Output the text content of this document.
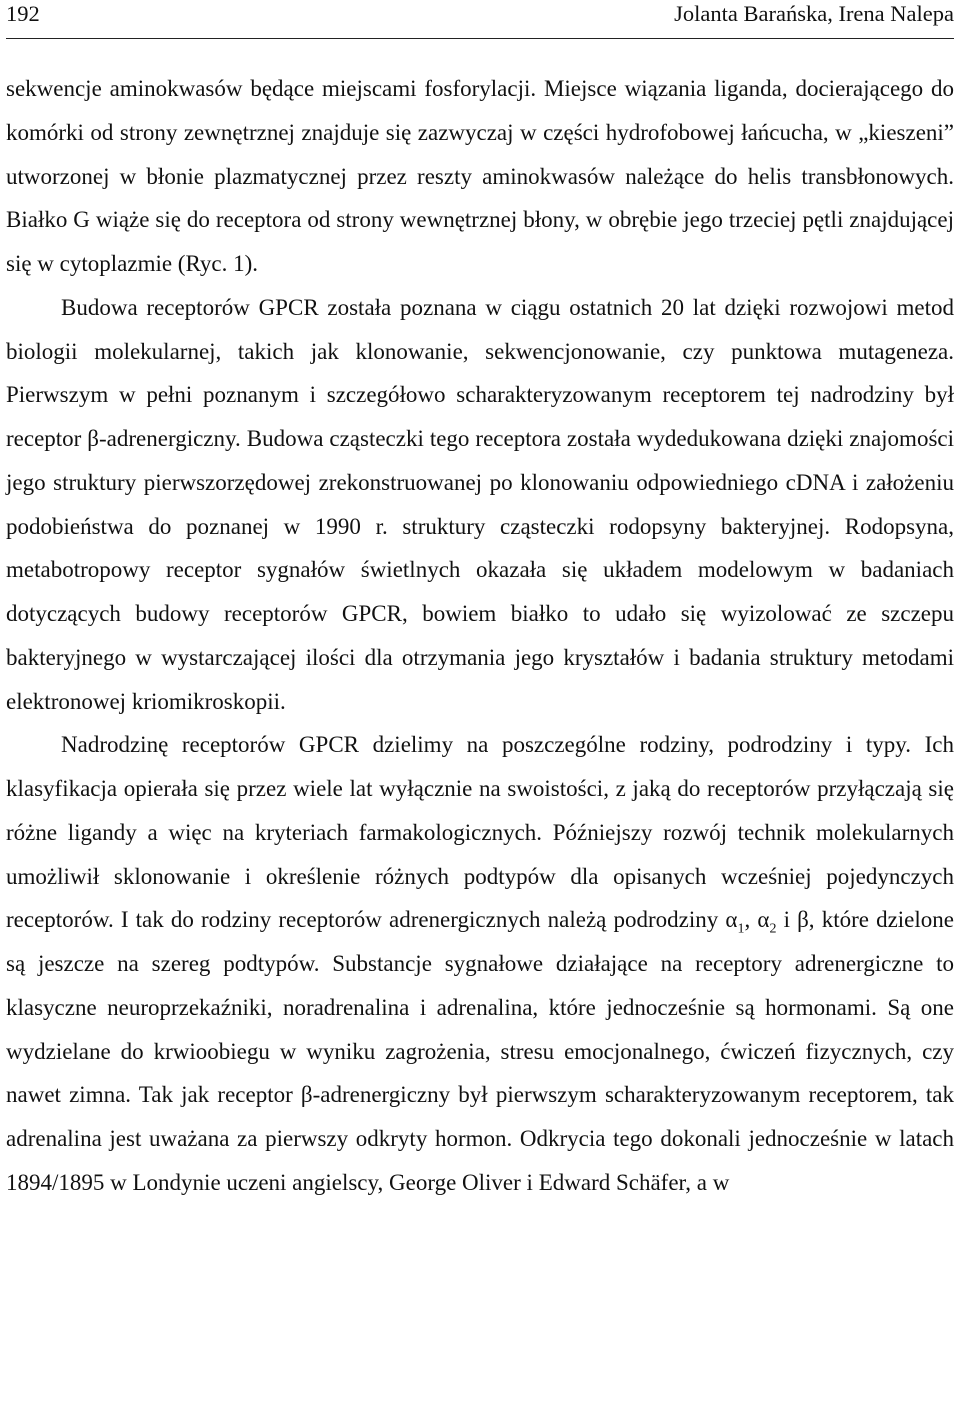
192	Jolanta Barańska, Irena Nalepa

sekwencje aminokwasów będące miejscami fosforylacji. Miejsce wiązania liganda, docierającego do komórki od strony zewnętrznej znajduje się zazwyczaj w części hydrofobowej łańcucha, w „kieszeni” utworzonej w błonie plazmatycznej przez reszty aminokwasów należące do helis transbłonowych. Białko G wiąże się do receptora od strony wewnętrznej błony, w obrębie jego trzeciej pętli znajdującej się w cytoplazmie (Ryc. 1).

Budowa receptorów GPCR została poznana w ciągu ostatnich 20 lat dzięki rozwojowi metod biologii molekularnej, takich jak klonowanie, sekwencjonowanie, czy punktowa mutageneza. Pierwszym w pełni poznanym i szczegółowo scharakteryzowanym receptorem tej nadrodziny był receptor β-adrenergiczny. Budowa cząsteczki tego receptora została wydedukowana dzięki znajomości jego struktury pierwszorzędowej zrekonstruowanej po klonowaniu odpowiedniego cDNA i założeniu podobieństwa do poznanej w 1990 r. struktury cząsteczki rodopsyny bakteryjnej. Rodopsyna, metabotropowy receptor sygnałów świetlnych okazała się układem modelowym w badaniach dotyczących budowy receptorów GPCR, bowiem białko to udało się wyizolować ze szczepu bakteryjnego w wystarczającej ilości dla otrzymania jego kryształów i badania struktury metodami elektronowej kriomikroskopii.

Nadrodzinę receptorów GPCR dzielimy na poszczególne rodziny, podrodziny i typy. Ich klasyfikacja opierała się przez wiele lat wyłącznie na swoistości, z jaką do receptorów przyłączają się różne ligandy a więc na kryteriach farmakologicznych. Późniejszy rozwój technik molekularnych umożliwił sklonowanie i określenie różnych podtypów dla opisanych wcześniej pojedynczych receptorów. I tak do rodziny receptorów adrenergicznych należą podrodziny $\alpha_1$, $\alpha_2$ i β, które dzielone są jeszcze na szereg podtypów. Substancje sygnałowe działające na receptory adrenergiczne to klasyczne neuroprzekaźniki, noradrenalina i adrenalina, które jednocześnie są hormonami. Są one wydzielane do krwioobiegu w wyniku zagrożenia, stresu emocjonalnego, ćwiczeń fizycznych, czy nawet zimna. Tak jak receptor β-adrenergiczny był pierwszym scharakteryzowanym receptorem, tak adrenalina jest uważana za pierwszy odkryty hormon. Odkrycia tego dokonali jednocześnie w latach 1894/1895 w Londynie uczeni angielscy, George Oliver i Edward Schäfer, a w
